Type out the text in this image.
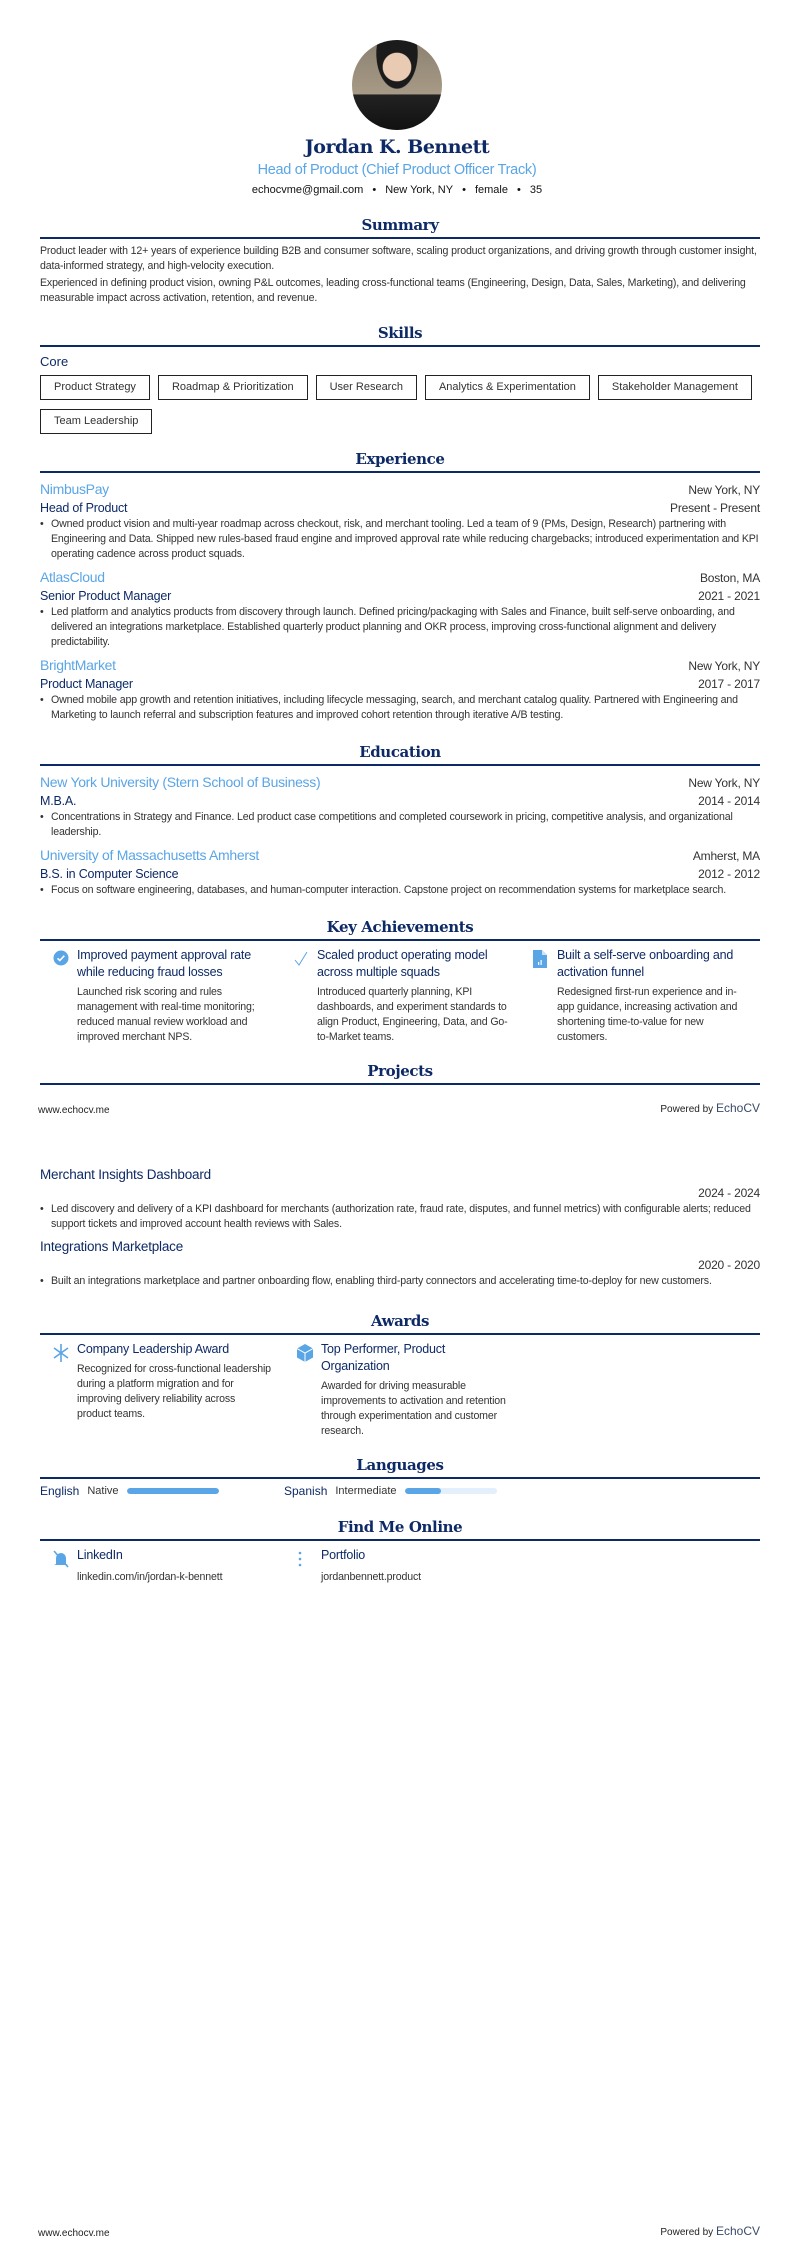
Jordan K. Bennett
Head of Product (Chief Product Officer Track)
echocvme@gmail.com • New York, NY • female • 35
Summary

Product leader with 12+ years of experience building B2B and consumer software, scaling product organizations, and driving growth through customer insight, data-informed strategy, and high-velocity execution.

Experienced in defining product vision, owning P&L outcomes, leading cross-functional teams (Engineering, Design, Data, Sales, Marketing), and delivering measurable impact across activation, retention, and revenue.

Skills
Core
Product Strategy	Roadmap & Prioritization	User Research	Analytics & Experimentation	Stakeholder Management
Team Leadership
Experience
NimbusPay	New York, NY
Head of Product	Present - Present
• Owned product vision and multi-year roadmap across checkout, risk, and merchant tooling. Led a team of 9 (PMs, Design, Research) partnering with Engineering and Data. Shipped new rules-based fraud engine and improved approval rate while reducing chargebacks; introduced experimentation and KPI operating cadence across product squads.
AtlasCloud	Boston, MA
Senior Product Manager	2021 - 2021
• Led platform and analytics products from discovery through launch. Defined pricing/packaging with Sales and Finance, built self-serve onboarding, and delivered an integrations marketplace. Established quarterly product planning and OKR process, improving cross-functional alignment and delivery predictability.
BrightMarket	New York, NY
Product Manager	2017 - 2017
• Owned mobile app growth and retention initiatives, including lifecycle messaging, search, and merchant catalog quality. Partnered with Engineering and Marketing to launch referral and subscription features and improved cohort retention through iterative A/B testing.
Education
New York University (Stern School of Business)	New York, NY
M.B.A.	2014 - 2014
• Concentrations in Strategy and Finance. Led product case competitions and completed coursework in pricing, competitive analysis, and organizational leadership.
University of Massachusetts Amherst	Amherst, MA
B.S. in Computer Science	2012 - 2012
• Focus on software engineering, databases, and human-computer interaction. Capstone project on recommendation systems for marketplace search.
Key Achievements
Improved payment approval rate while reducing fraud losses
Launched risk scoring and rules management with real-time monitoring; reduced manual review workload and improved merchant NPS.
Scaled product operating model across multiple squads
Introduced quarterly planning, KPI dashboards, and experiment standards to align Product, Engineering, Data, and Go-to-Market teams.
Built a self-serve onboarding and activation funnel
Redesigned first-run experience and in-app guidance, increasing activation and shortening time-to-value for new customers.
Projects
www.echocv.me	Powered by EchoCV
Merchant Insights Dashboard
2024 - 2024
• Led discovery and delivery of a KPI dashboard for merchants (authorization rate, fraud rate, disputes, and funnel metrics) with configurable alerts; reduced support tickets and improved account health reviews with Sales.
Integrations Marketplace
2020 - 2020
• Built an integrations marketplace and partner onboarding flow, enabling third-party connectors and accelerating time-to-deploy for new customers.
Awards
Company Leadership Award
Recognized for cross-functional leadership during a platform migration and for improving delivery reliability across product teams.
Top Performer, Product Organization
Awarded for driving measurable improvements to activation and retention through experimentation and customer research.
Languages
English Native	Spanish Intermediate
Find Me Online
LinkedIn
linkedin.com/in/jordan-k-bennett
Portfolio
jordanbennett.product
www.echocv.me	Powered by EchoCV
